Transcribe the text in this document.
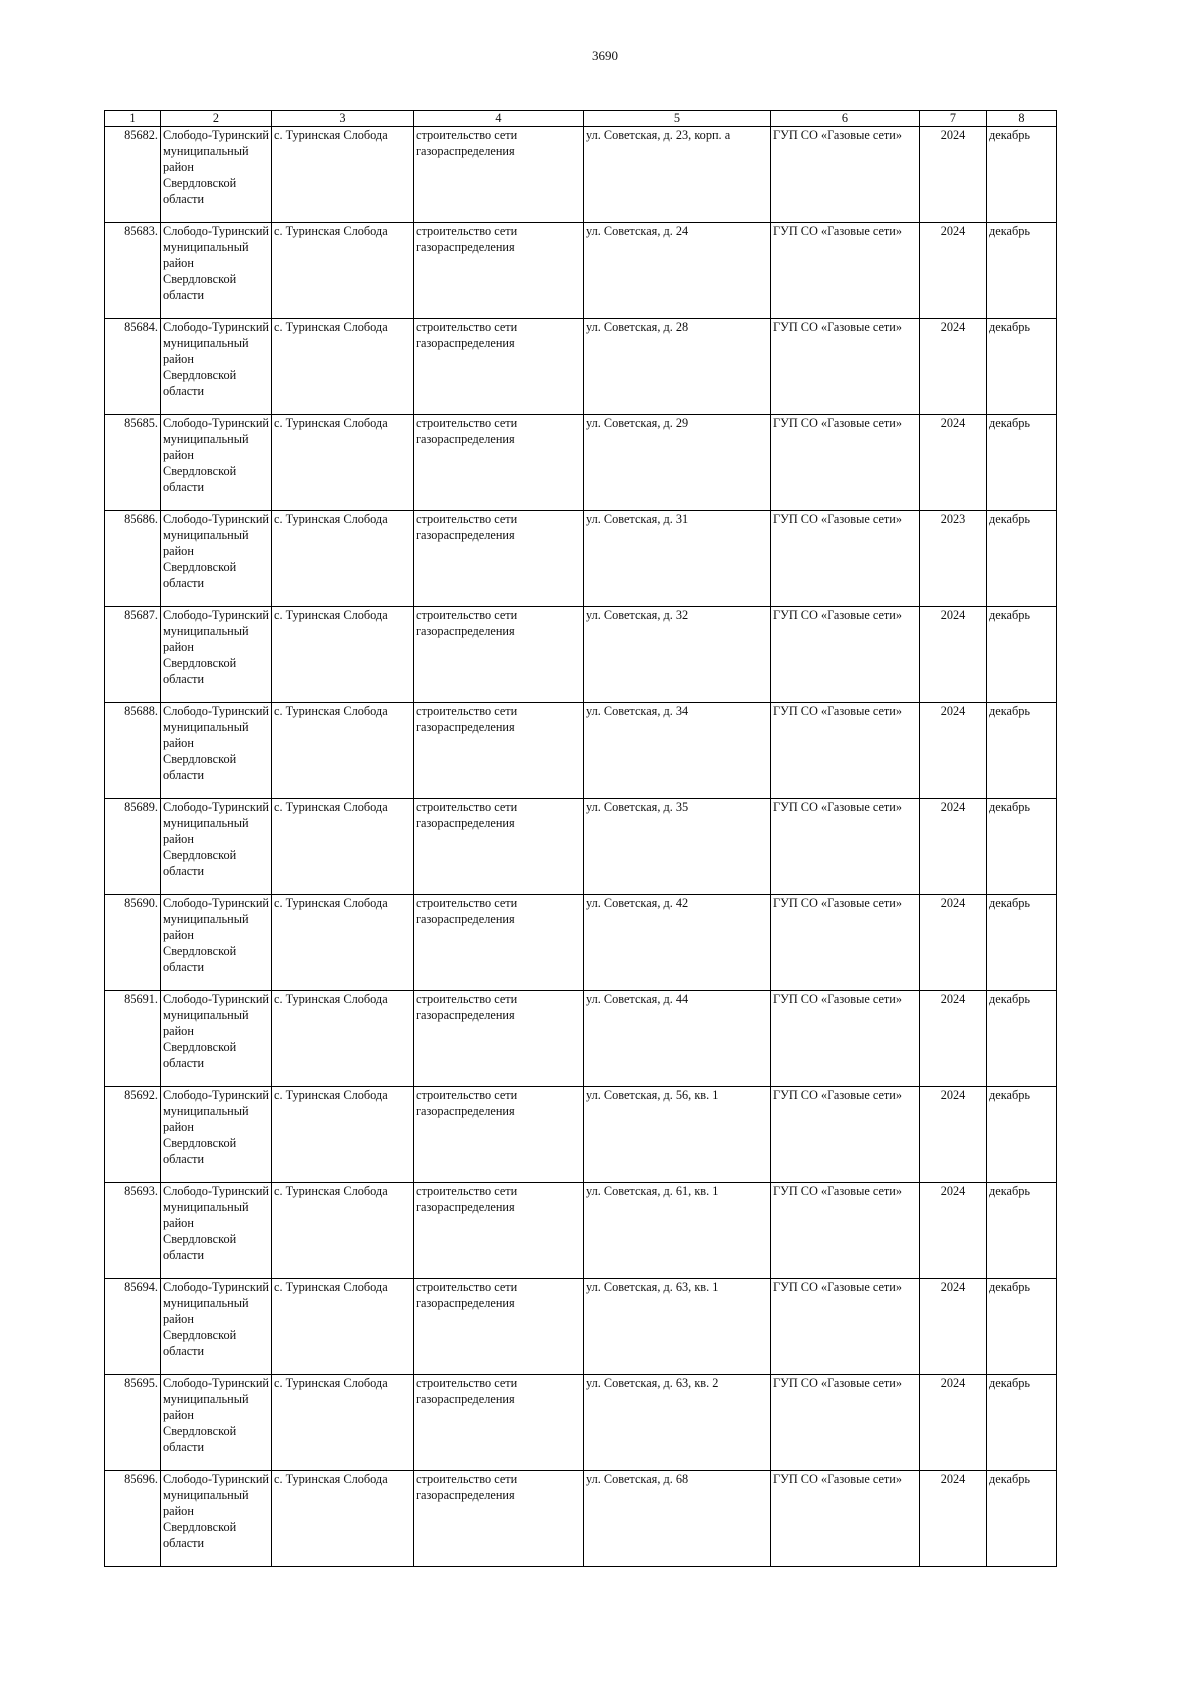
3690
1	2	3	4	5	6	7	8
85682.	Слободо-Туринский муниципальный район Свердловской области	с. Туринская Слобода	строительство сети газораспределения	ул. Советская, д. 23, корп. а	ГУП СО «Газовые сети»	2024	декабрь
85683.	Слободо-Туринский муниципальный район Свердловской области	с. Туринская Слобода	строительство сети газораспределения	ул. Советская, д. 24	ГУП СО «Газовые сети»	2024	декабрь
85684.	Слободо-Туринский муниципальный район Свердловской области	с. Туринская Слобода	строительство сети газораспределения	ул. Советская, д. 28	ГУП СО «Газовые сети»	2024	декабрь
85685.	Слободо-Туринский муниципальный район Свердловской области	с. Туринская Слобода	строительство сети газораспределения	ул. Советская, д. 29	ГУП СО «Газовые сети»	2024	декабрь
85686.	Слободо-Туринский муниципальный район Свердловской области	с. Туринская Слобода	строительство сети газораспределения	ул. Советская, д. 31	ГУП СО «Газовые сети»	2023	декабрь
85687.	Слободо-Туринский муниципальный район Свердловской области	с. Туринская Слобода	строительство сети газораспределения	ул. Советская, д. 32	ГУП СО «Газовые сети»	2024	декабрь
85688.	Слободо-Туринский муниципальный район Свердловской области	с. Туринская Слобода	строительство сети газораспределения	ул. Советская, д. 34	ГУП СО «Газовые сети»	2024	декабрь
85689.	Слободо-Туринский муниципальный район Свердловской области	с. Туринская Слобода	строительство сети газораспределения	ул. Советская, д. 35	ГУП СО «Газовые сети»	2024	декабрь
85690.	Слободо-Туринский муниципальный район Свердловской области	с. Туринская Слобода	строительство сети газораспределения	ул. Советская, д. 42	ГУП СО «Газовые сети»	2024	декабрь
85691.	Слободо-Туринский муниципальный район Свердловской области	с. Туринская Слобода	строительство сети газораспределения	ул. Советская, д. 44	ГУП СО «Газовые сети»	2024	декабрь
85692.	Слободо-Туринский муниципальный район Свердловской области	с. Туринская Слобода	строительство сети газораспределения	ул. Советская, д. 56, кв. 1	ГУП СО «Газовые сети»	2024	декабрь
85693.	Слободо-Туринский муниципальный район Свердловской области	с. Туринская Слобода	строительство сети газораспределения	ул. Советская, д. 61, кв. 1	ГУП СО «Газовые сети»	2024	декабрь
85694.	Слободо-Туринский муниципальный район Свердловской области	с. Туринская Слобода	строительство сети газораспределения	ул. Советская, д. 63, кв. 1	ГУП СО «Газовые сети»	2024	декабрь
85695.	Слободо-Туринский муниципальный район Свердловской области	с. Туринская Слобода	строительство сети газораспределения	ул. Советская, д. 63, кв. 2	ГУП СО «Газовые сети»	2024	декабрь
85696.	Слободо-Туринский муниципальный район Свердловской области	с. Туринская Слобода	строительство сети газораспределения	ул. Советская, д. 68	ГУП СО «Газовые сети»	2024	декабрь
